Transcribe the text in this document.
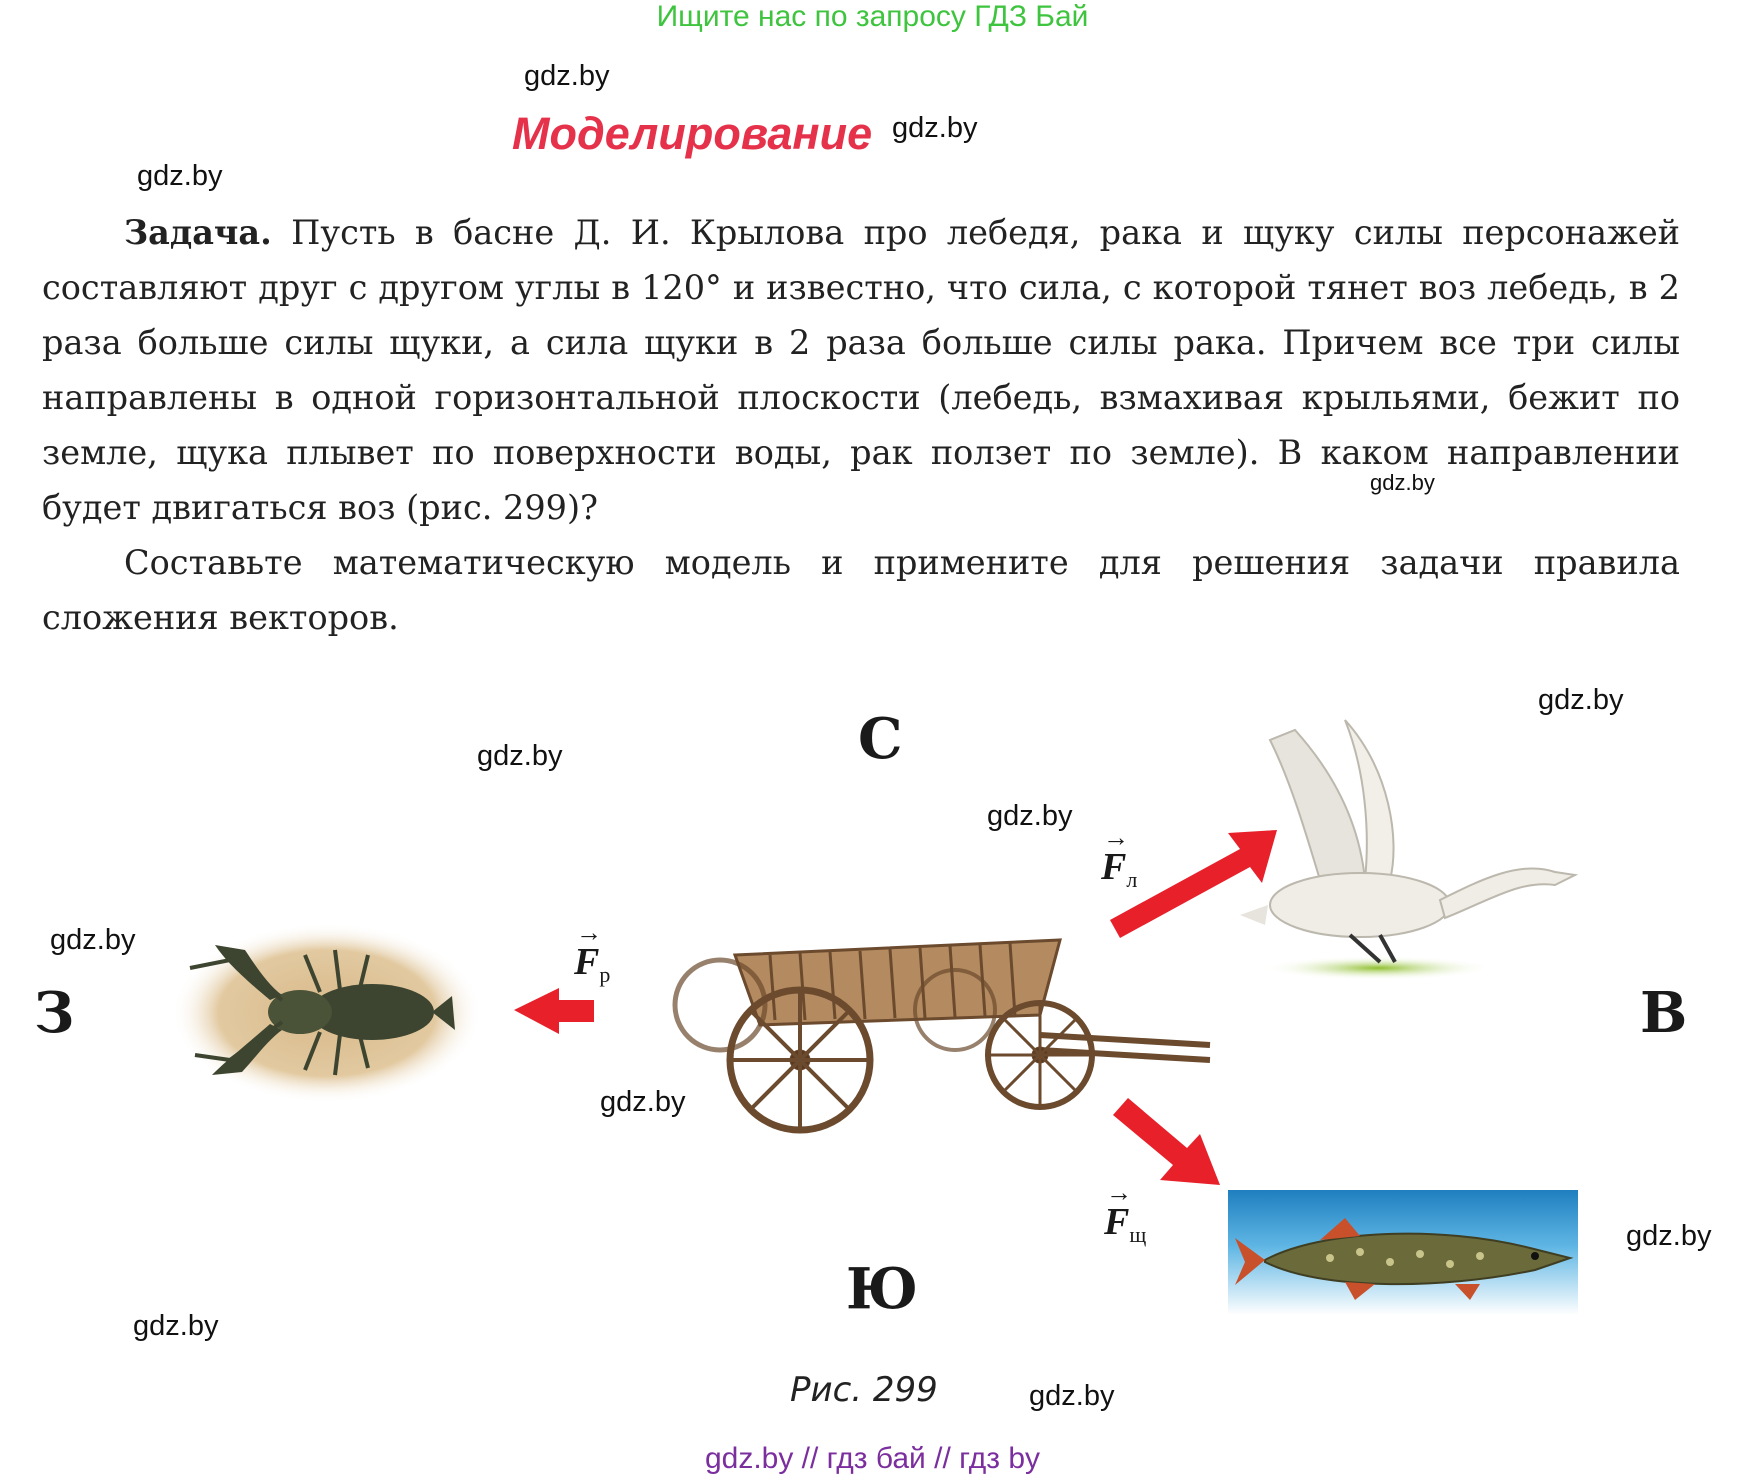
Ищите нас по запросу ГДЗ Бай
gdz.by
gdz.by
gdz.by
gdz.by
gdz.by
gdz.by
gdz.by
gdz.by
gdz.by
gdz.by
gdz.by
gdz.by
Моделирование

Задача. Пусть в басне Д. И. Крылова про лебедя, рака и щуку силы персонажей составляют друг с другом углы в 120° и известно, что сила, с которой тянет воз лебедь, в 2 раза больше силы щуки, а сила щуки в 2 раза больше силы рака. Причем все три силы направлены в одной горизонтальной плоскости (лебедь, взмахивая крыльями, бежит по земле, щука плывет по поверхности воды, рак ползет по земле). В каком направлении будет двигаться воз (рис. 299)?

Составьте математическую модель и примените для решения задачи правила сложения векторов.

С
Ю
З	В
→
$F_л$
→
$F_р$
→
$F_щ$
Рис. 299
gdz.by // гдз бай // гдз by
